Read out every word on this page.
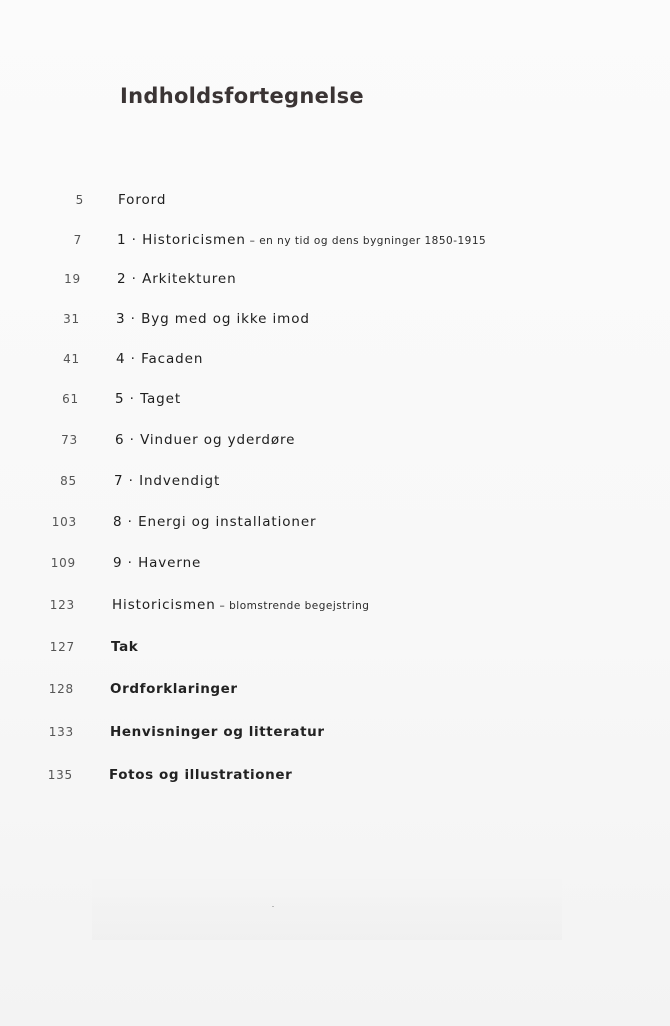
Indholdsfortegnelse
5	Forord
7	1 · Historicismen – en ny tid og dens bygninger 1850-1915
19	2 · Arkitekturen
31	3 · Byg med og ikke imod
41	4 · Facaden
61	5 · Taget
73	6 · Vinduer og yderdøre
85	7 · Indvendigt
103	8 · Energi og installationer
109	9 · Haverne
123	Historicismen – blomstrende begejstring
127	Tak
128	Ordforklaringer
133	Henvisninger og litteratur
135	Fotos og illustrationer
